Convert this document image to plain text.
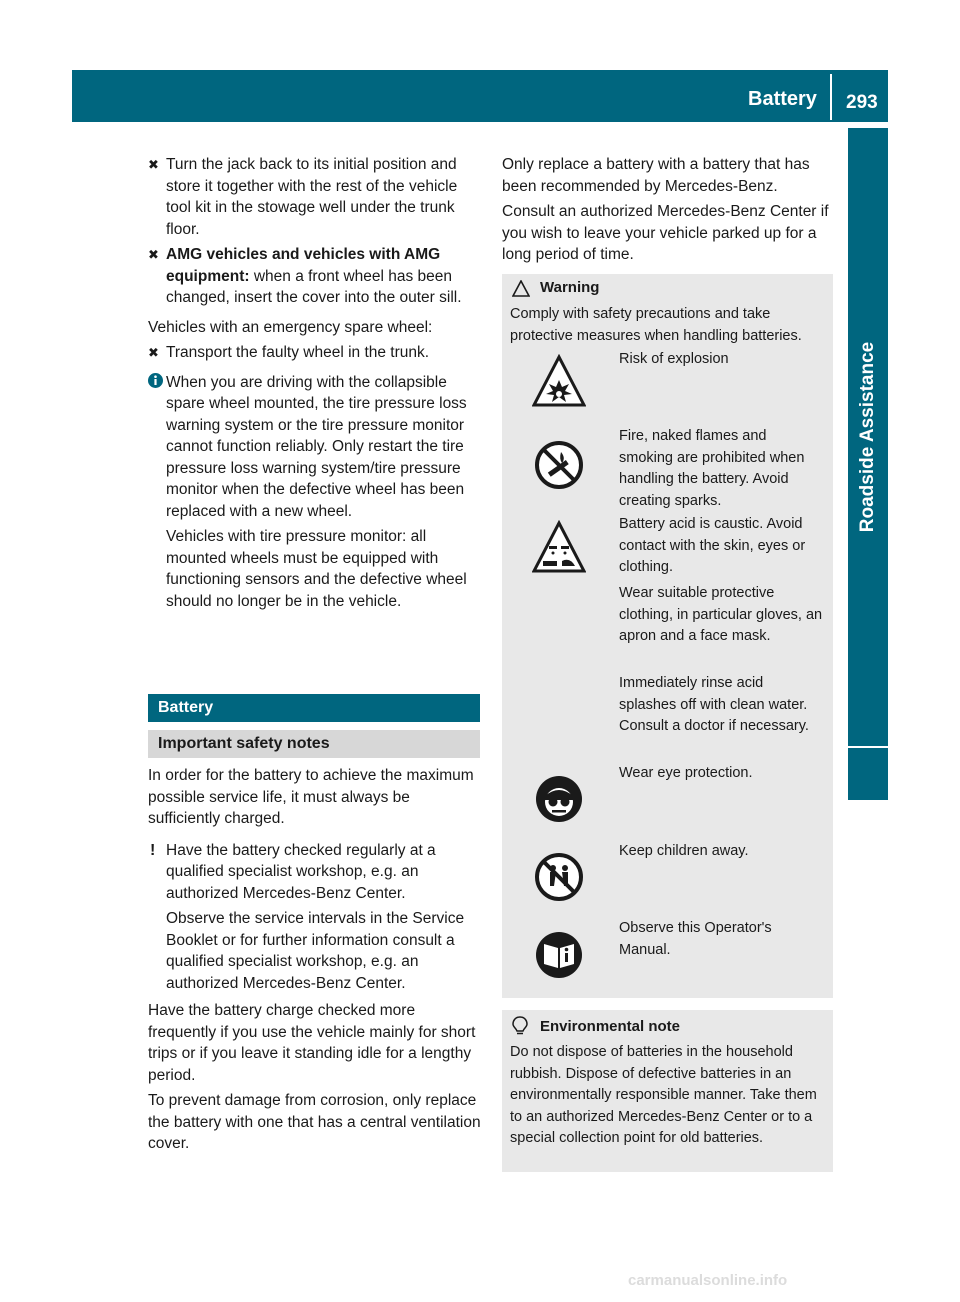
Battery 293
Roadside Assistance

✖ Turn the jack back to its initial position and store it together with the rest of the vehicle tool kit in the stowage well under the trunk floor.

✖ AMG vehicles and vehicles with AMG equipment: when a front wheel has been changed, insert the cover into the outer sill.

Vehicles with an emergency spare wheel:

✖ Transport the faulty wheel in the trunk.

When you are driving with the collapsible spare wheel mounted, the tire pressure loss warning system or the tire pressure monitor cannot function reliably. Only restart the tire pressure loss warning system/tire pressure monitor when the defective wheel has been replaced with a new wheel.

Vehicles with tire pressure monitor: all mounted wheels must be equipped with functioning sensors and the defective wheel should no longer be in the vehicle.

Battery
Important safety notes

In order for the battery to achieve the maximum possible service life, it must always be sufficiently charged.

! Have the battery checked regularly at a qualified specialist workshop, e.g. an authorized Mercedes-Benz Center.

Observe the service intervals in the Service Booklet or for further information consult a qualified specialist workshop, e.g. an authorized Mercedes-Benz Center.

Have the battery charge checked more frequently if you use the vehicle mainly for short trips or if you leave it standing idle for a lengthy period.

To prevent damage from corrosion, only replace the battery with one that has a central ventilation cover.

Only replace a battery with a battery that has been recommended by Mercedes-Benz.

Consult an authorized Mercedes-Benz Center if you wish to leave your vehicle parked up for a long period of time.

Warning
Comply with safety precautions and take protective measures when handling batteries.
Risk of explosion
Fire, naked flames and smoking are prohibited when handling the battery. Avoid creating sparks.
Battery acid is caustic. Avoid contact with the skin, eyes or clothing.
Wear suitable protective clothing, in particular gloves, an apron and a face mask.
Immediately rinse acid splashes off with clean water. Consult a doctor if necessary.
Wear eye protection.
Keep children away.
Observe this Operator's Manual.
Environmental note
Do not dispose of batteries in the household rubbish. Dispose of defective batteries in an environmentally responsible manner. Take them to an authorized Mercedes-Benz Center or to a special collection point for old batteries.
carmanualsonline.info
